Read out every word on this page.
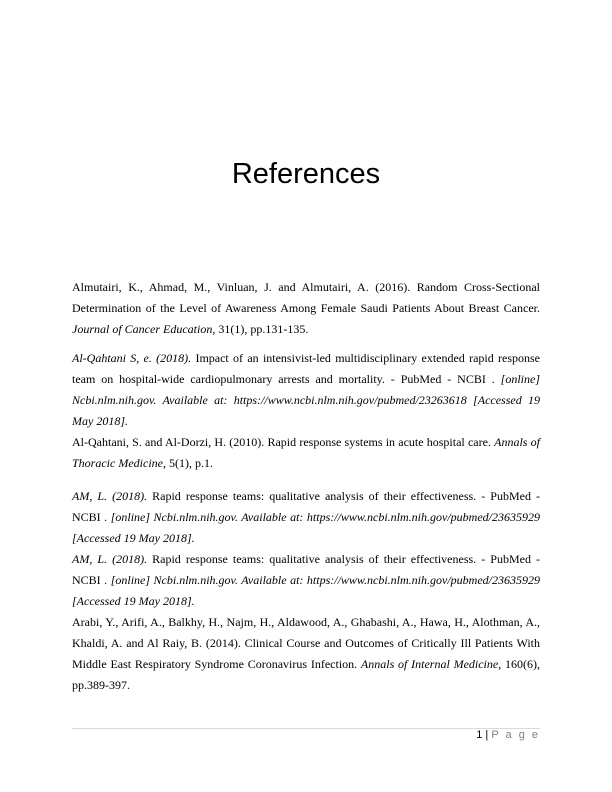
References

Almutairi, K., Ahmad, M., Vinluan, J. and Almutairi, A. (2016). Random Cross-Sectional Determination of the Level of Awareness Among Female Saudi Patients About Breast Cancer. Journal of Cancer Education, 31(1), pp.131-135.

Al-Qahtani S, e. (2018). Impact of an intensivist-led multidisciplinary extended rapid response team on hospital-wide cardiopulmonary arrests and mortality. - PubMed - NCBI . [online] Ncbi.nlm.nih.gov. Available at: https://www.ncbi.nlm.nih.gov/pubmed/23263618 [Accessed 19 May 2018].

Al-Qahtani, S. and Al-Dorzi, H. (2010). Rapid response systems in acute hospital care. Annals of Thoracic Medicine, 5(1), p.1.

AM, L. (2018). Rapid response teams: qualitative analysis of their effectiveness. - PubMed - NCBI . [online] Ncbi.nlm.nih.gov. Available at: https://www.ncbi.nlm.nih.gov/pubmed/23635929 [Accessed 19 May 2018].

AM, L. (2018). Rapid response teams: qualitative analysis of their effectiveness. - PubMed - NCBI . [online] Ncbi.nlm.nih.gov. Available at: https://www.ncbi.nlm.nih.gov/pubmed/23635929 [Accessed 19 May 2018].

Arabi, Y., Arifi, A., Balkhy, H., Najm, H., Aldawood, A., Ghabashi, A., Hawa, H., Alothman, A., Khaldi, A. and Al Raiy, B. (2014). Clinical Course and Outcomes of Critically Ill Patients With Middle East Respiratory Syndrome Coronavirus Infection. Annals of Internal Medicine, 160(6), pp.389-397.

1 | P a g e
